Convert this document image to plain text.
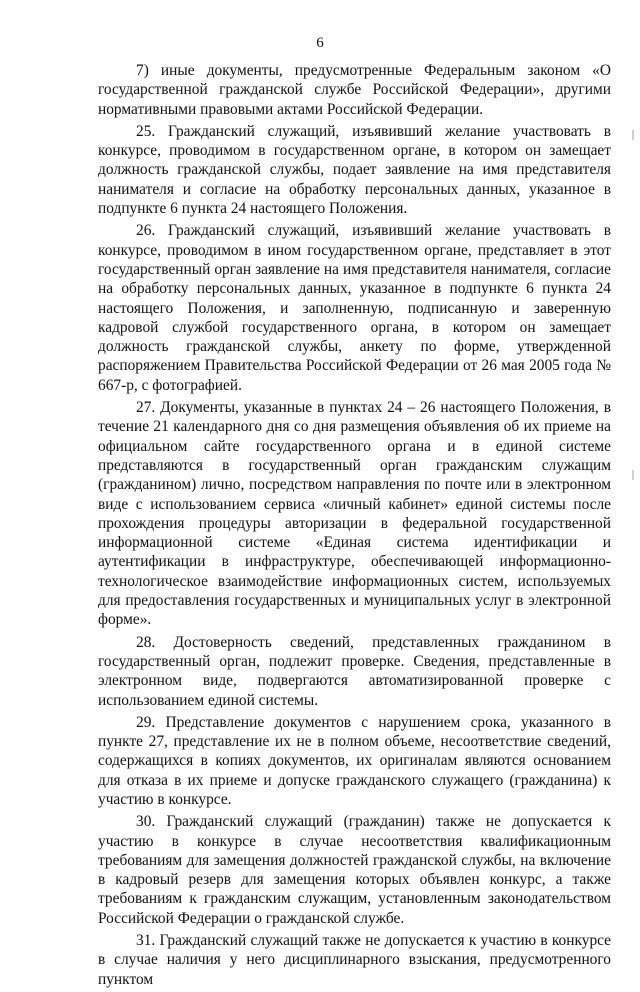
6

7) иные документы, предусмотренные Федеральным законом «О государственной гражданской службе Российской Федерации», другими нормативными правовыми актами Российской Федерации.

25. Гражданский служащий, изъявивший желание участвовать в конкурсе, проводимом в государственном органе, в котором он замещает должность гражданской службы, подает заявление на имя представителя нанимателя и согласие на обработку персональных данных, указанное в подпункте 6 пункта 24 настоящего Положения.

26. Гражданский служащий, изъявивший желание участвовать в конкурсе, проводимом в ином государственном органе, представляет в этот государственный орган заявление на имя представителя нанимателя, согласие на обработку персональных данных, указанное в подпункте 6 пункта 24 настоящего Положения, и заполненную, подписанную и заверенную кадровой службой государственного органа, в котором он замещает должность гражданской службы, анкету по форме, утвержденной распоряжением Правительства Российской Федерации от 26 мая 2005 года № 667-р, с фотографией.

27. Документы, указанные в пунктах 24 – 26 настоящего Положения, в течение 21 календарного дня со дня размещения объявления об их приеме на официальном сайте государственного органа и в единой системе представляются в государственный орган гражданским служащим (гражданином) лично, посредством направления по почте или в электронном виде с использованием сервиса «личный кабинет» единой системы после прохождения процедуры авторизации в федеральной государственной информационной системе «Единая система идентификации и аутентификации в инфраструктуре, обеспечивающей информационно-технологическое взаимодействие информационных систем, используемых для предоставления государственных и муниципальных услуг в электронной форме».

28. Достоверность сведений, представленных гражданином в государственный орган, подлежит проверке. Сведения, представленные в электронном виде, подвергаются автоматизированной проверке с использованием единой системы.

29. Представление документов с нарушением срока, указанного в пункте 27, представление их не в полном объеме, несоответствие сведений, содержащихся в копиях документов, их оригиналам являются основанием для отказа в их приеме и допуске гражданского служащего (гражданина) к участию в конкурсе.

30. Гражданский служащий (гражданин) также не допускается к участию в конкурсе в случае несоответствия квалификационным требованиям для замещения должностей гражданской службы, на включение в кадровый резерв для замещения которых объявлен конкурс, а также требованиям к гражданским служащим, установленным законодательством Российской Федерации о гражданской службе.

31. Гражданский служащий также не допускается к участию в конкурсе в случае наличия у него дисциплинарного взыскания, предусмотренного пунктом
